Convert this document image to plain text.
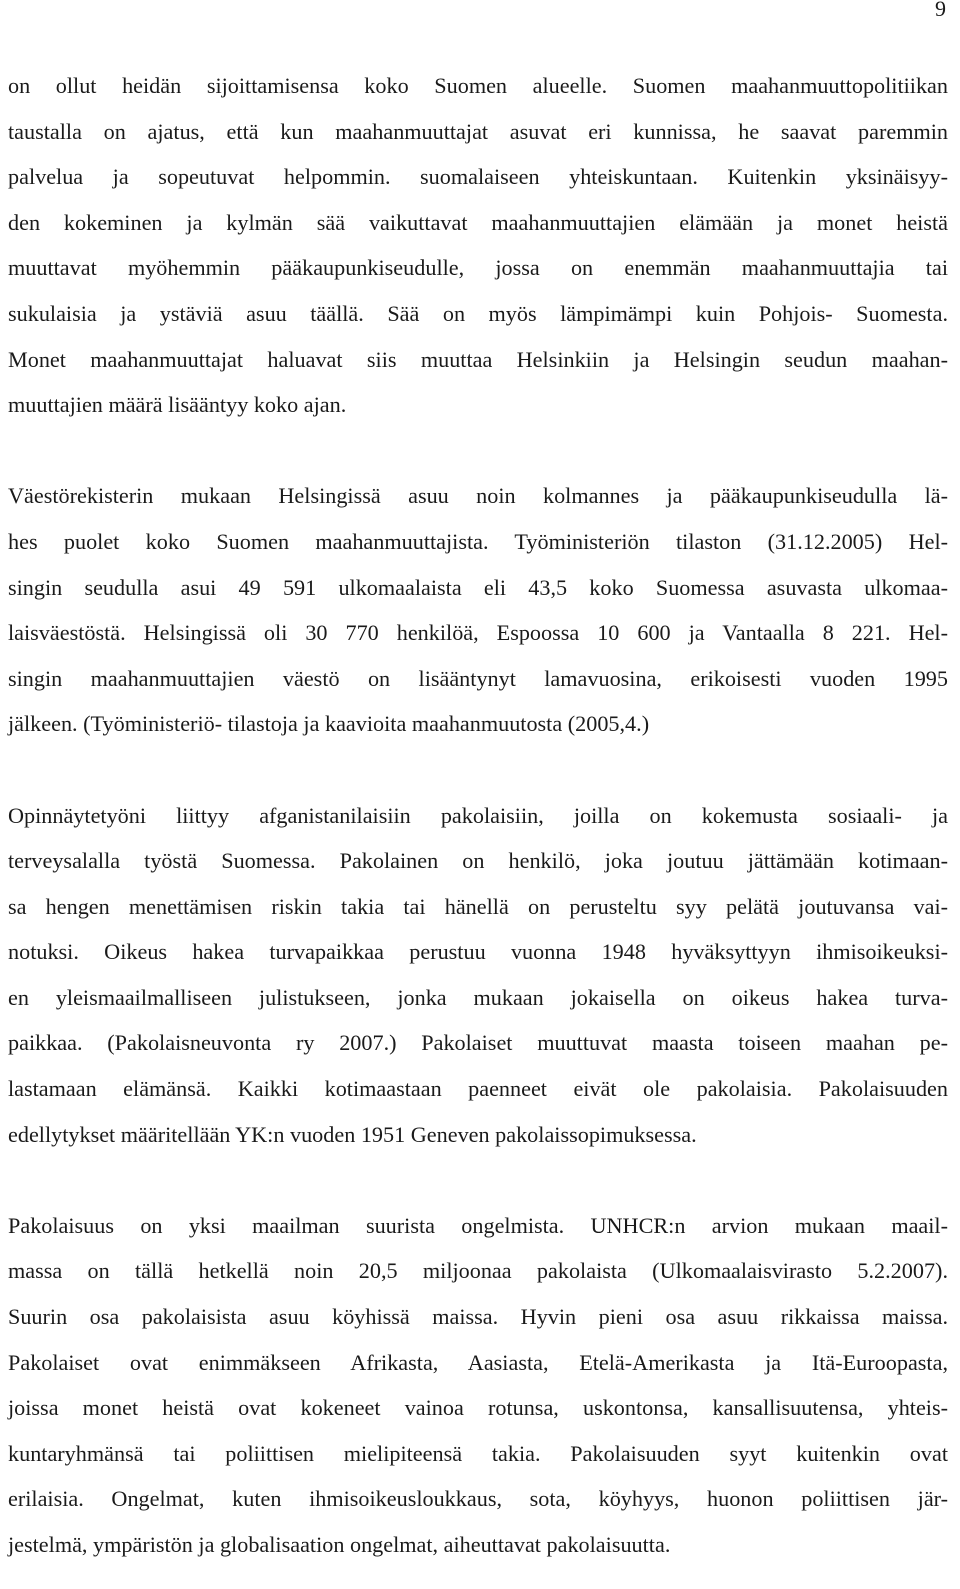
9
on ollut heidän sijoittamisensa koko Suomen alueelle. Suomen maahanmuuttopolitiikan
taustalla on ajatus, että kun maahanmuuttajat asuvat eri kunnissa, he saavat paremmin
palvelua ja sopeutuvat helpommin. suomalaiseen yhteiskuntaan. Kuitenkin yksinäisyy-
den kokeminen ja kylmän sää vaikuttavat maahanmuuttajien elämään ja monet heistä
muuttavat myöhemmin pääkaupunkiseudulle, jossa on enemmän maahanmuuttajia tai
sukulaisia ja ystäviä asuu täällä. Sää on myös lämpimämpi kuin Pohjois- Suomesta.
Monet maahanmuuttajat haluavat siis muuttaa Helsinkiin ja Helsingin seudun maahan-
muuttajien määrä lisääntyy koko ajan.
Väestörekisterin mukaan Helsingissä asuu noin kolmannes ja pääkaupunkiseudulla lä-
hes puolet koko Suomen maahanmuuttajista. Työministeriön tilaston (31.12.2005) Hel-
singin seudulla asui 49 591 ulkomaalaista eli 43,5 koko Suomessa asuvasta ulkomaa-
laisväestöstä. Helsingissä oli 30 770 henkilöä, Espoossa 10 600 ja Vantaalla 8 221. Hel-
singin maahanmuuttajien väestö on lisääntynyt lamavuosina, erikoisesti vuoden 1995
jälkeen. (Työministeriö- tilastoja ja kaavioita maahanmuutosta (2005,4.)
Opinnäytetyöni liittyy afganistanilaisiin pakolaisiin, joilla on kokemusta sosiaali- ja
terveysalalla työstä Suomessa. Pakolainen on henkilö, joka joutuu jättämään kotimaan-
sa hengen menettämisen riskin takia tai hänellä on perusteltu syy pelätä joutuvansa vai-
notuksi. Oikeus hakea turvapaikkaa perustuu vuonna 1948 hyväksyttyyn ihmisoikeuksi-
en yleismaailmalliseen julistukseen, jonka mukaan jokaisella on oikeus hakea turva-
paikkaa. (Pakolaisneuvonta ry 2007.) Pakolaiset muuttuvat maasta toiseen maahan pe-
lastamaan elämänsä. Kaikki kotimaastaan paenneet eivät ole pakolaisia. Pakolaisuuden
edellytykset määritellään YK:n vuoden 1951 Geneven pakolaissopimuksessa.
Pakolaisuus on yksi maailman suurista ongelmista. UNHCR:n arvion mukaan maail-
massa on tällä hetkellä noin 20,5 miljoonaa pakolaista (Ulkomaalaisvirasto 5.2.2007).
Suurin osa pakolaisista asuu köyhissä maissa. Hyvin pieni osa asuu rikkaissa maissa.
Pakolaiset ovat enimmäkseen Afrikasta, Aasiasta, Etelä-Amerikasta ja Itä-Euroopasta,
joissa monet heistä ovat kokeneet vainoa rotunsa, uskontonsa, kansallisuutensa, yhteis-
kuntaryhmänsä tai poliittisen mielipiteensä takia. Pakolaisuuden syyt kuitenkin ovat
erilaisia. Ongelmat, kuten ihmisoikeusloukkaus, sota, köyhyys, huonon poliittisen jär-
jestelmä, ympäristön ja globalisaation ongelmat, aiheuttavat pakolaisuutta.
